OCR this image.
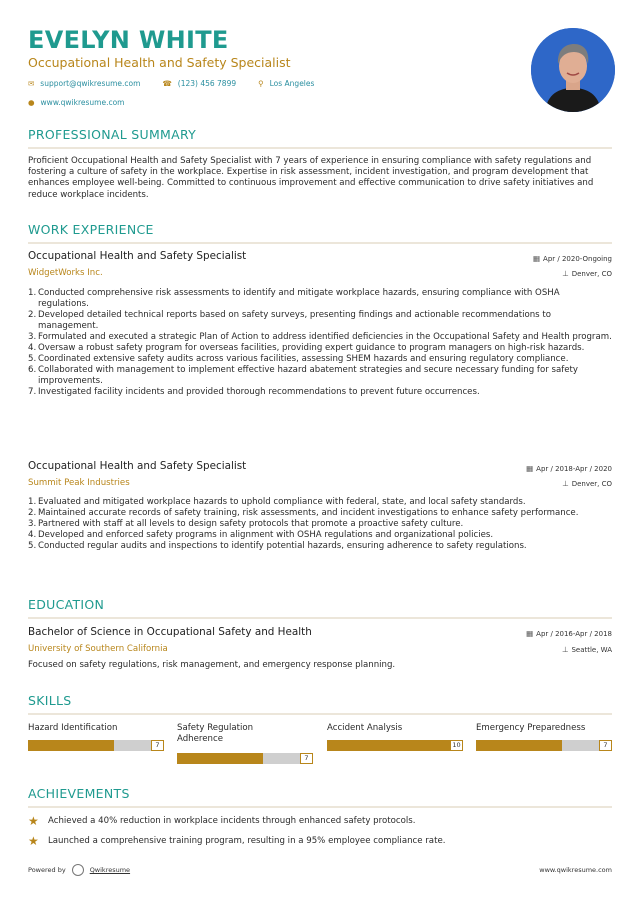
EVELYN WHITE
Occupational Health and Safety Specialist
✉ support@qwikresume.com	☎ (123) 456 7899	⚲ Los Angeles
● www.qwikresume.com
PROFESSIONAL SUMMARY
Proficient Occupational Health and Safety Specialist with 7 years of experience in ensuring compliance with safety regulations and fostering a culture of safety in the workplace. Expertise in risk assessment, incident investigation, and program development that enhances employee well-being. Committed to continuous improvement and effective communication to drive safety initiatives and reduce workplace incidents.
WORK EXPERIENCE
Occupational Health and Safety Specialist
WidgetWorks Inc.
▦ Apr / 2020-Ongoing
⊥ Denver, CO
1. Conducted comprehensive risk assessments to identify and mitigate workplace hazards, ensuring compliance with OSHA regulations.
2. Developed detailed technical reports based on safety surveys, presenting findings and actionable recommendations to management.
3. Formulated and executed a strategic Plan of Action to address identified deficiencies in the Occupational Safety and Health program.
4. Oversaw a robust safety program for overseas facilities, providing expert guidance to program managers on high-risk hazards.
5. Coordinated extensive safety audits across various facilities, assessing SHEM hazards and ensuring regulatory compliance.
6. Collaborated with management to implement effective hazard abatement strategies and secure necessary funding for safety improvements.
7. Investigated facility incidents and provided thorough recommendations to prevent future occurrences.
Occupational Health and Safety Specialist
Summit Peak Industries
▦ Apr / 2018-Apr / 2020
⊥ Denver, CO
1. Evaluated and mitigated workplace hazards to uphold compliance with federal, state, and local safety standards.
2. Maintained accurate records of safety training, risk assessments, and incident investigations to enhance safety performance.
3. Partnered with staff at all levels to design safety protocols that promote a proactive safety culture.
4. Developed and enforced safety programs in alignment with OSHA regulations and organizational policies.
5. Conducted regular audits and inspections to identify potential hazards, ensuring adherence to safety regulations.
EDUCATION
Bachelor of Science in Occupational Safety and Health
University of Southern California
▦ Apr / 2016-Apr / 2018
⊥ Seattle, WA
Focused on safety regulations, risk management, and emergency response planning.
SKILLS
Hazard Identification
7
Safety Regulation Adherence
7
Accident Analysis
10
Emergency Preparedness
7
ACHIEVEMENTS
★ Achieved a 40% reduction in workplace incidents through enhanced safety protocols.
★ Launched a comprehensive training program, resulting in a 95% employee compliance rate.
Powered by	Qwikresume	www.qwikresume.com
